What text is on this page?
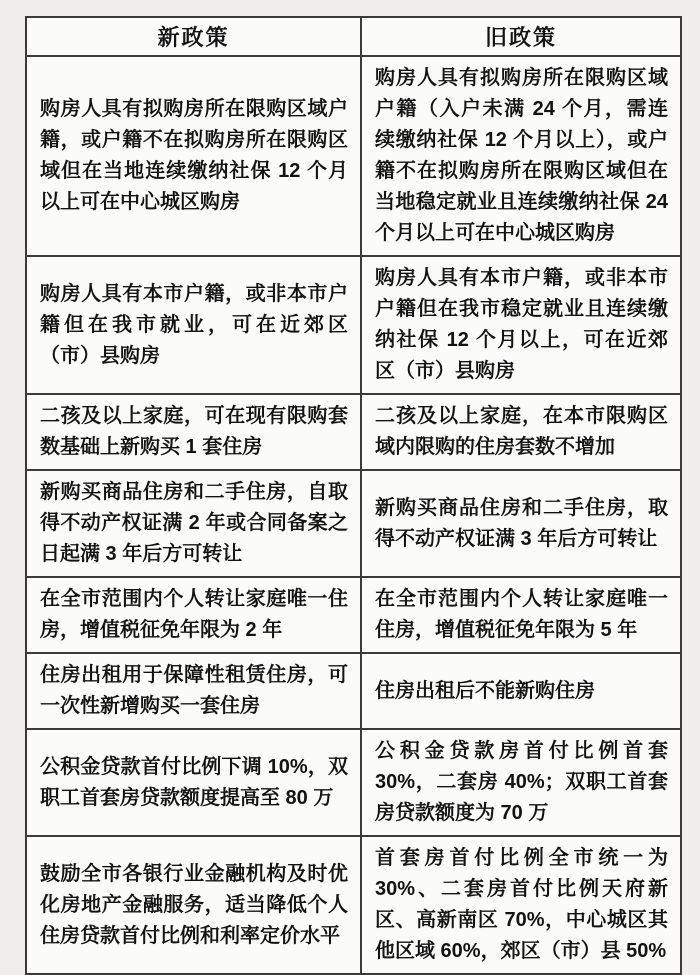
新政策	旧政策
购房人具有拟购房所在限购区域户籍，或户籍不在拟购房所在限购区域但在当地连续缴纳社保 12 个月以上可在中心城区购房	购房人具有拟购房所在限购区域户籍（入户未满 24 个月，需连续缴纳社保 12 个月以上），或户籍不在拟购房所在限购区域但在当地稳定就业且连续缴纳社保 24 个月以上可在中心城区购房
购房人具有本市户籍，或非本市户籍但在我市就业，可在近郊区（市）县购房	购房人具有本市户籍，或非本市户籍但在我市稳定就业且连续缴纳社保 12 个月以上，可在近郊区（市）县购房
二孩及以上家庭，可在现有限购套数基础上新购买 1 套住房	二孩及以上家庭，在本市限购区域内限购的住房套数不增加
新购买商品住房和二手住房，自取得不动产权证满 2 年或合同备案之日起满 3 年后方可转让	新购买商品住房和二手住房，取得不动产权证满 3 年后方可转让
在全市范围内个人转让家庭唯一住房，增值税征免年限为 2 年	在全市范围内个人转让家庭唯一住房，增值税征免年限为 5 年
住房出租用于保障性租赁住房，可一次性新增购买一套住房	住房出租后不能新购住房
公积金贷款首付比例下调 10%，双职工首套房贷款额度提高至 80 万	公积金贷款房首付比例首套 30%，二套房 40%；双职工首套房贷款额度为 70 万
鼓励全市各银行业金融机构及时优化房地产金融服务，适当降低个人住房贷款首付比例和利率定价水平	首套房首付比例全市统一为 30%、二套房首付比例天府新区、高新南区 70%，中心城区其他区域 60%，郊区（市）县 50%
